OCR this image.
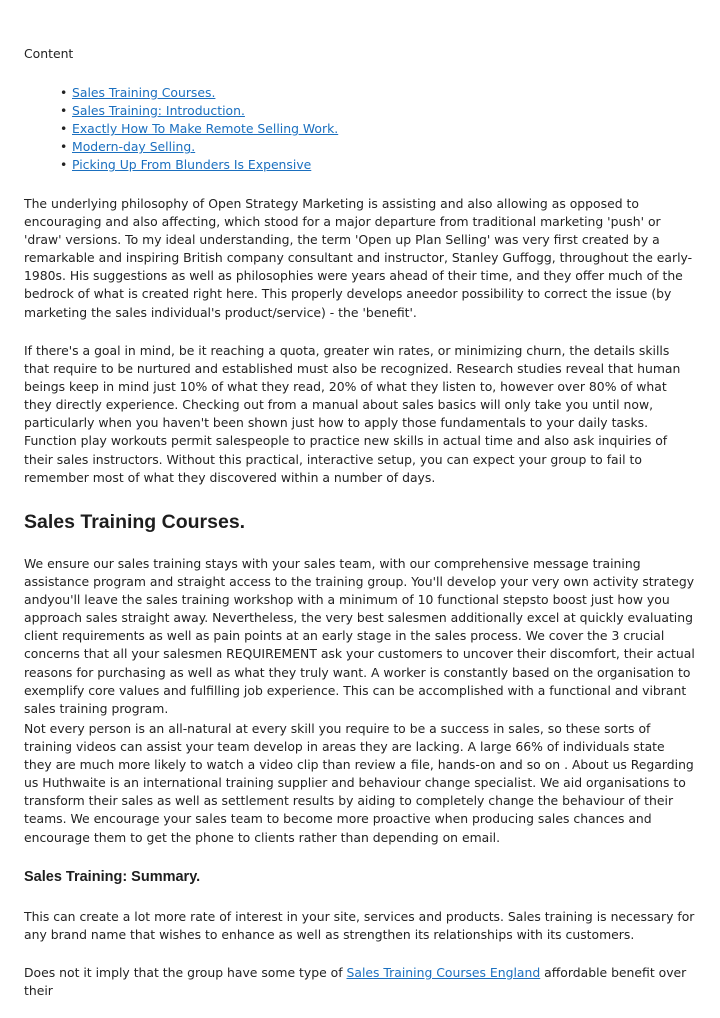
Content
• Sales Training Courses.
• Sales Training: Introduction.
• Exactly How To Make Remote Selling Work.
• Modern-day Selling.
• Picking Up From Blunders Is Expensive

The underlying philosophy of Open Strategy Marketing is assisting and also allowing as opposed to encouraging and also affecting, which stood for a major departure from traditional marketing 'push' or 'draw' versions. To my ideal understanding, the term 'Open up Plan Selling' was very first created by a remarkable and inspiring British company consultant and instructor, Stanley Guffogg, throughout the early-1980s. His suggestions as well as philosophies were years ahead of their time, and they offer much of the bedrock of what is created right here. This properly develops aneedor possibility to correct the issue (by marketing the sales individual's product/service) - the 'benefit'.

If there's a goal in mind, be it reaching a quota, greater win rates, or minimizing churn, the details skills that require to be nurtured and established must also be recognized. Research studies reveal that human beings keep in mind just 10% of what they read, 20% of what they listen to, however over 80% of what they directly experience. Checking out from a manual about sales basics will only take you until now, particularly when you haven't been shown just how to apply those fundamentals to your daily tasks. Function play workouts permit salespeople to practice new skills in actual time and also ask inquiries of their sales instructors. Without this practical, interactive setup, you can expect your group to fail to remember most of what they discovered within a number of days.

Sales Training Courses.

We ensure our sales training stays with your sales team, with our comprehensive message training assistance program and straight access to the training group. You'll develop your very own activity strategy andyou'll leave the sales training workshop with a minimum of 10 functional stepsto boost just how you approach sales straight away. Nevertheless, the very best salesmen additionally excel at quickly evaluating client requirements as well as pain points at an early stage in the sales process. We cover the 3 crucial concerns that all your salesmen REQUIREMENT ask your customers to uncover their discomfort, their actual reasons for purchasing as well as what they truly want. A worker is constantly based on the organisation to exemplify core values and fulfilling job experience. This can be accomplished with a functional and vibrant sales training program.

Not every person is an all-natural at every skill you require to be a success in sales, so these sorts of training videos can assist your team develop in areas they are lacking. A large 66% of individuals state they are much more likely to watch a video clip than review a file, hands-on and so on . About us Regarding us Huthwaite is an international training supplier and behaviour change specialist. We aid organisations to transform their sales as well as settlement results by aiding to completely change the behaviour of their teams. We encourage your sales team to become more proactive when producing sales chances and encourage them to get the phone to clients rather than depending on email.

Sales Training: Summary.

This can create a lot more rate of interest in your site, services and products. Sales training is necessary for any brand name that wishes to enhance as well as strengthen its relationships with its customers.

Does not it imply that the group have some type of Sales Training Courses England affordable benefit over their
